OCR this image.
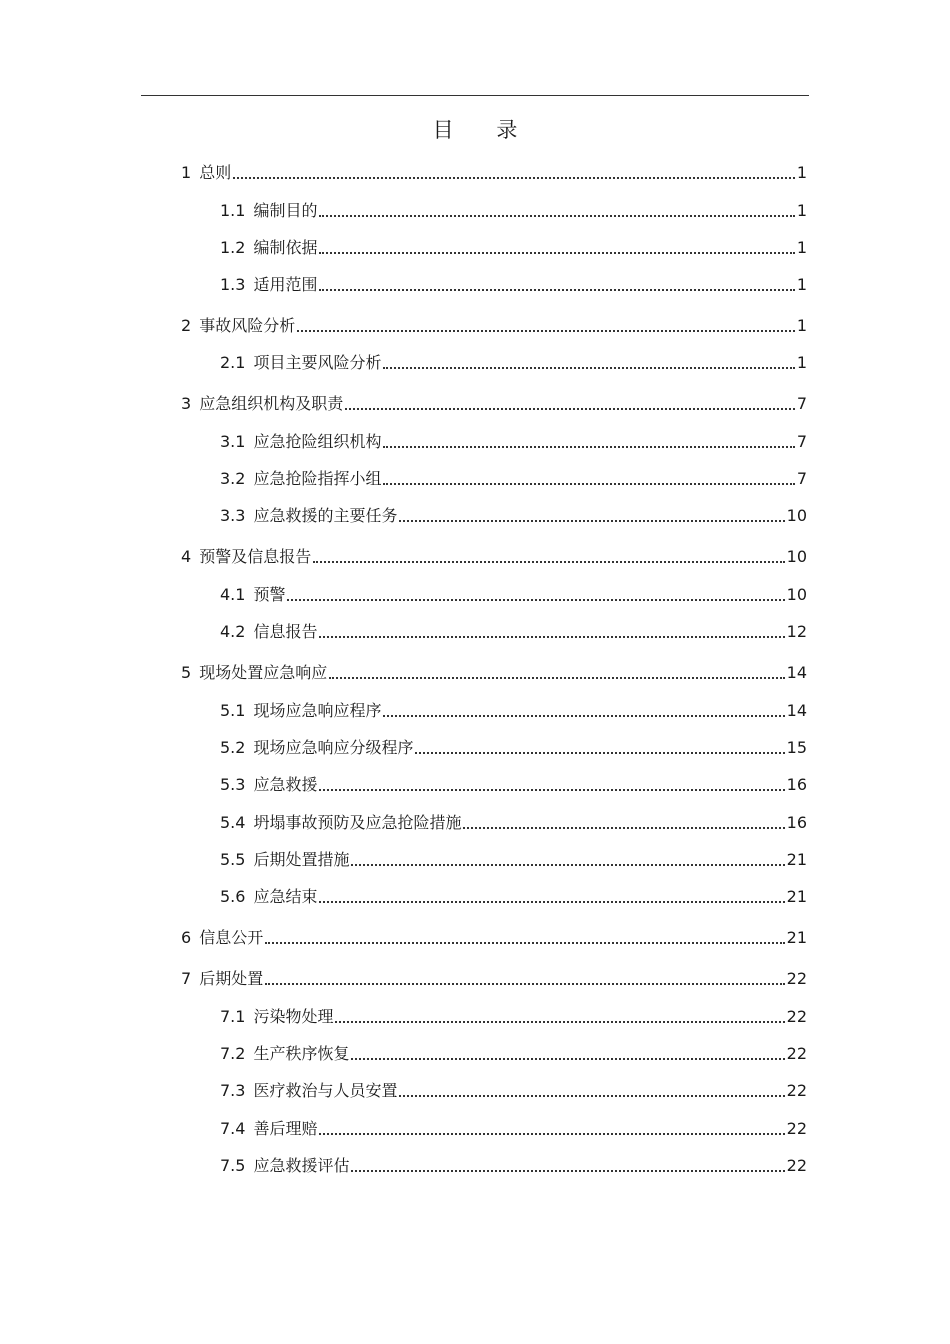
目 录
1 总则	1
1.1 编制目的	1
1.2 编制依据	1
1.3 适用范围	1
2 事故风险分析	1
2.1 项目主要风险分析	1
3 应急组织机构及职责	7
3.1 应急抢险组织机构	7
3.2 应急抢险指挥小组	7
3.3 应急救援的主要任务	10
4 预警及信息报告	10
4.1 预警	10
4.2 信息报告	12
5 现场处置应急响应	14
5.1 现场应急响应程序	14
5.2 现场应急响应分级程序	15
5.3 应急救援	16
5.4 坍塌事故预防及应急抢险措施	16
5.5 后期处置措施	21
5.6 应急结束	21
6 信息公开	21
7 后期处置	22
7.1 污染物处理	22
7.2 生产秩序恢复	22
7.3 医疗救治与人员安置	22
7.4 善后理赔	22
7.5 应急救援评估	22
